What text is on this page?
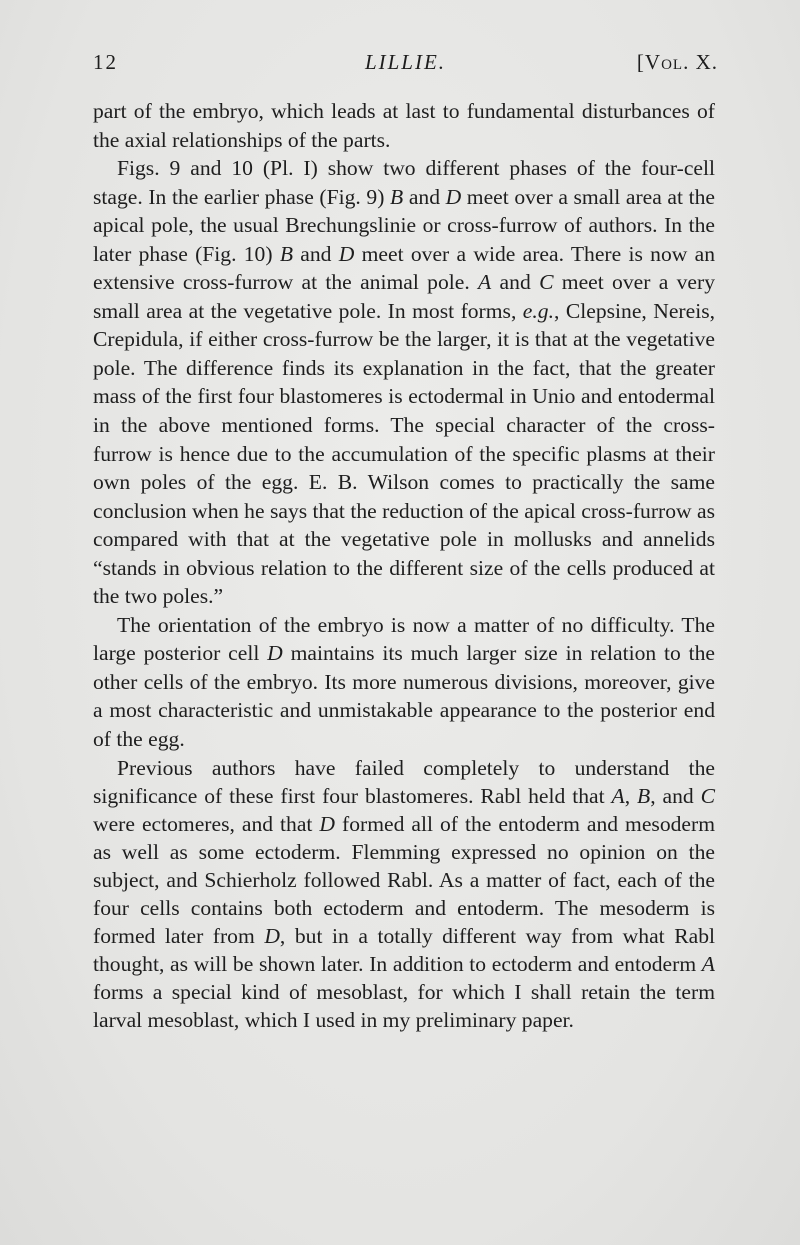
12	LILLIE.	[Vol. X.

part of the embryo, which leads at last to fundamental disturbances of the axial relationships of the parts.

Figs. 9 and 10 (Pl. I) show two different phases of the four-cell stage. In the earlier phase (Fig. 9) B and D meet over a small area at the apical pole, the usual Brechungslinie or cross-furrow of authors. In the later phase (Fig. 10) B and D meet over a wide area. There is now an extensive cross-furrow at the animal pole. A and C meet over a very small area at the vegetative pole. In most forms, e.g., Clepsine, Nereis, Crepidula, if either cross-furrow be the larger, it is that at the vegetative pole. The difference finds its explanation in the fact, that the greater mass of the first four blastomeres is ectodermal in Unio and entodermal in the above mentioned forms. The special character of the cross-furrow is hence due to the accumulation of the specific plasms at their own poles of the egg. E. B. Wilson comes to practically the same conclusion when he says that the reduction of the apical cross-furrow as compared with that at the vegetative pole in mollusks and annelids “stands in obvious relation to the different size of the cells produced at the two poles.”

The orientation of the embryo is now a matter of no difficulty. The large posterior cell D maintains its much larger size in relation to the other cells of the embryo. Its more numerous divisions, moreover, give a most characteristic and unmistakable appearance to the posterior end of the egg.

Previous authors have failed completely to understand the significance of these first four blastomeres. Rabl held that A, B, and C were ectomeres, and that D formed all of the entoderm and mesoderm as well as some ectoderm. Flemming expressed no opinion on the subject, and Schierholz followed Rabl. As a matter of fact, each of the four cells contains both ectoderm and entoderm. The mesoderm is formed later from D, but in a totally different way from what Rabl thought, as will be shown later. In addition to ectoderm and entoderm A forms a special kind of mesoblast, for which I shall retain the term larval mesoblast, which I used in my preliminary paper.
